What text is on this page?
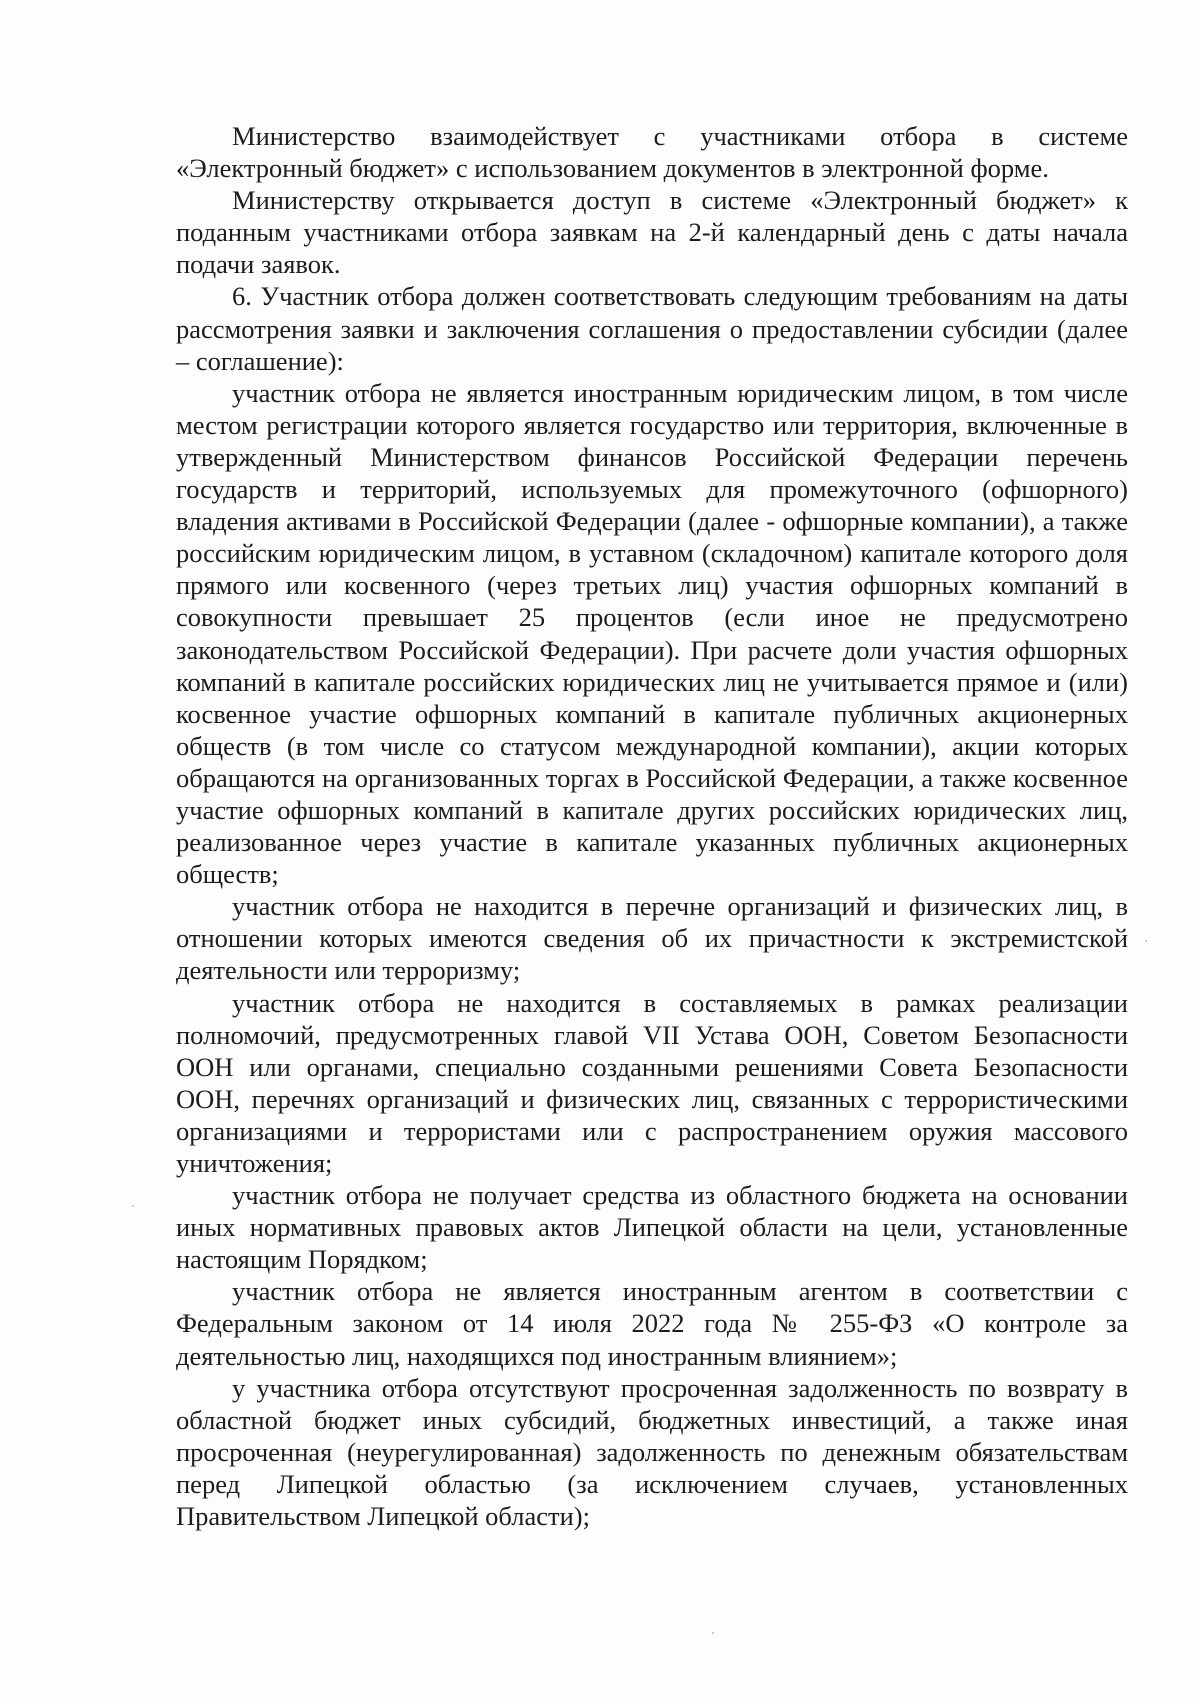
Министерство взаимодействует с участниками отбора в системе «Электронный бюджет» с использованием документов в электронной форме.

Министерству открывается доступ в системе «Электронный бюджет» к поданным участниками отбора заявкам на 2-й календарный день с даты начала подачи заявок.

6. Участник отбора должен соответствовать следующим требованиям на даты рассмотрения заявки и заключения соглашения о предоставлении субсидии (далее – соглашение):

участник отбора не является иностранным юридическим лицом, в том числе местом регистрации которого является государство или территория, включенные в утвержденный Министерством финансов Российской Федерации перечень государств и территорий, используемых для промежуточного (офшорного) владения активами в Российской Федерации (далее - офшорные компании), а также российским юридическим лицом, в уставном (складочном) капитале которого доля прямого или косвенного (через третьих лиц) участия офшорных компаний в совокупности превышает 25 процентов (если иное не предусмотрено законодательством Российской Федерации). При расчете доли участия офшорных компаний в капитале российских юридических лиц не учитывается прямое и (или) косвенное участие офшорных компаний в капитале публичных акционерных обществ (в том числе со статусом международной компании), акции которых обращаются на организованных торгах в Российской Федерации, а также косвенное участие офшорных компаний в капитале других российских юридических лиц, реализованное через участие в капитале указанных публичных акционерных обществ;

участник отбора не находится в перечне организаций и физических лиц, в отношении которых имеются сведения об их причастности к экстремистской деятельности или терроризму;

участник отбора не находится в составляемых в рамках реализации полномочий, предусмотренных главой VII Устава ООН, Советом Безопасности ООН или органами, специально созданными решениями Совета Безопасности ООН, перечнях организаций и физических лиц, связанных с террористическими организациями и террористами или с распространением оружия массового уничтожения;

участник отбора не получает средства из областного бюджета на основании иных нормативных правовых актов Липецкой области на цели, установленные настоящим Порядком;

участник отбора не является иностранным агентом в соответствии с Федеральным законом от 14 июля 2022 года № 255-ФЗ «О контроле за деятельностью лиц, находящихся под иностранным влиянием»;

у участника отбора отсутствуют просроченная задолженность по возврату в областной бюджет иных субсидий, бюджетных инвестиций, а также иная просроченная (неурегулированная) задолженность по денежным обязательствам перед Липецкой областью (за исключением случаев, установленных Правительством Липецкой области);
